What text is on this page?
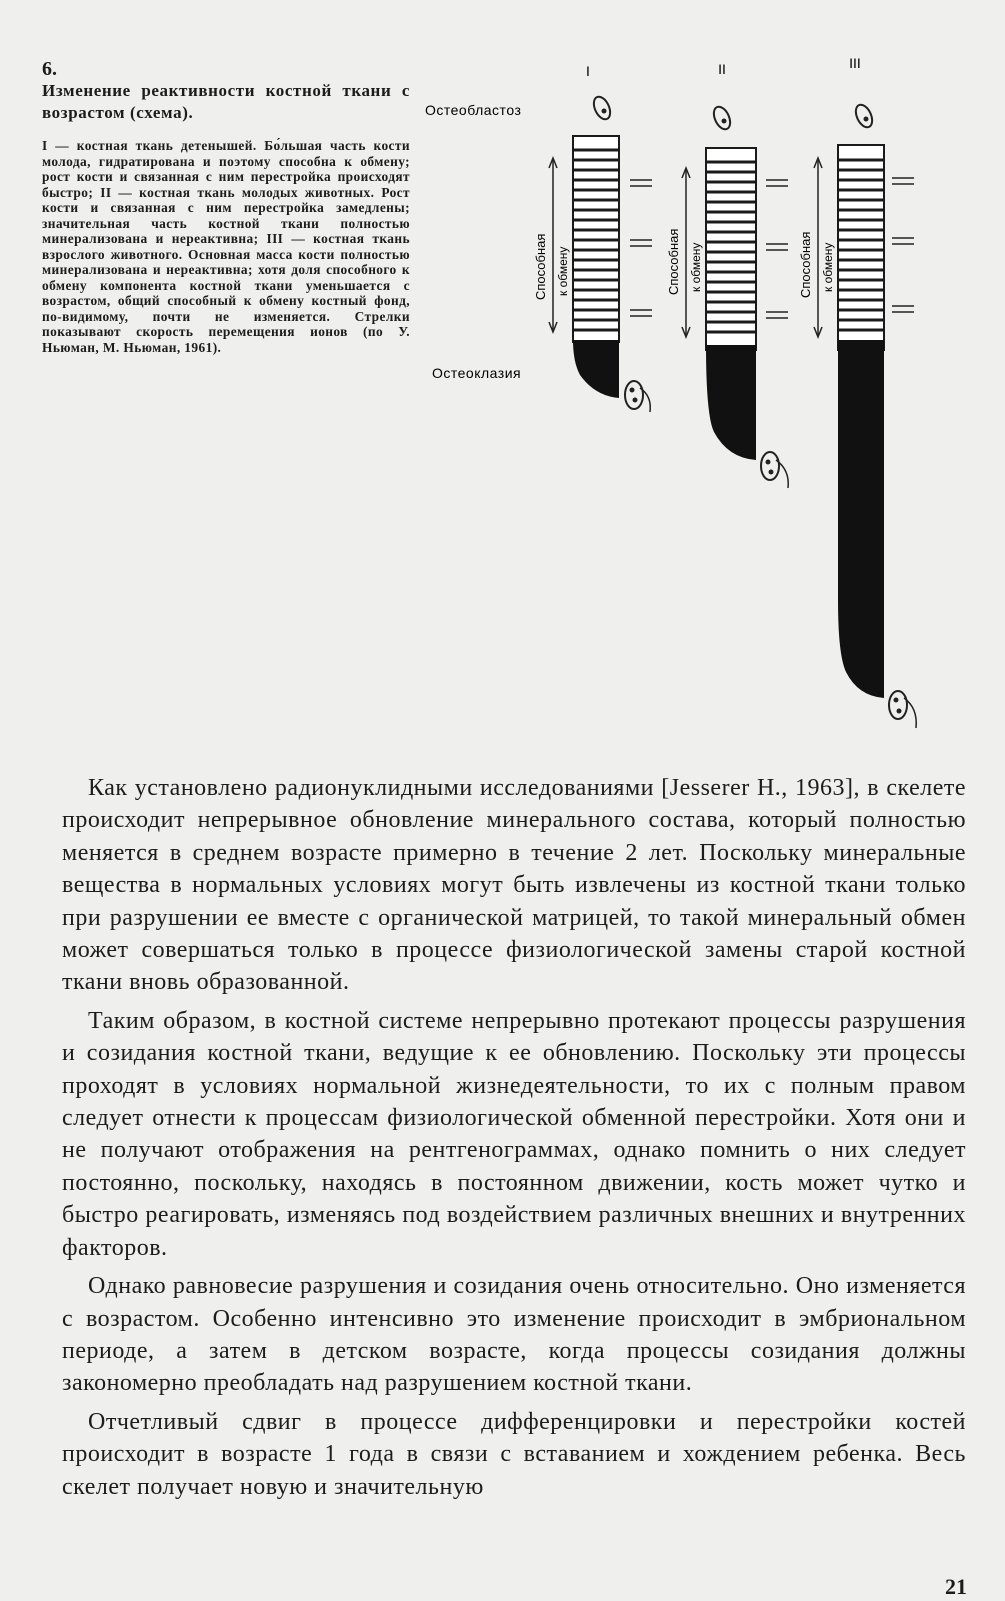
6.
Изменение реактивности костной ткани с возрастом (схема).
I — костная ткань детенышей. Бо́льшая часть кости молода, гидратирована и поэтому способна к обмену; рост кости и связанная с ним перестройка происходят быстро; II — костная ткань молодых животных. Рост кости и связанная с ним перестройка замедлены; значительная часть костной ткани полностью минерализована и нереактивна; III — костная ткань взрослого животного. Основная масса кости полностью минерализована и нереактивна; хотя доля способного к обмену компонента костной ткани уменьшается с возрастом, общий способный к обмену костный фонд, по-видимому, почти не изменяется. Стрелки показывают скорость перемещения ионов (по У. Ньюман, М. Ньюман, 1961).
I	II	III
Остеобластоз
Остеоклазия
Способная к обмену	Способная к обмену	Способная к обмену

Как установлено радионуклидными исследованиями [Jesserer H., 1963], в скелете происходит непрерывное обновление минерального состава, который полностью меняется в среднем возрасте примерно в течение 2 лет. Поскольку минеральные вещества в нормальных условиях могут быть извлечены из костной ткани только при разрушении ее вместе с органической матрицей, то такой минеральный обмен может совершаться только в процессе физиологической замены старой костной ткани вновь образованной.

Таким образом, в костной системе непрерывно протекают процессы разрушения и созидания костной ткани, ведущие к ее обновлению. Поскольку эти процессы проходят в условиях нормальной жизнедеятельности, то их с полным правом следует отнести к процессам физиологической обменной перестройки. Хотя они и не получают отображения на рентгенограммах, однако помнить о них следует постоянно, поскольку, находясь в постоянном движении, кость может чутко и быстро реагировать, изменяясь под воздействием различных внешних и внутренних факторов.

Однако равновесие разрушения и созидания очень относительно. Оно изменяется с возрастом. Особенно интенсивно это изменение происходит в эмбриональном периоде, а затем в детском возрасте, когда процессы созидания должны закономерно преобладать над разрушением костной ткани.

Отчетливый сдвиг в процессе дифференцировки и перестройки костей происходит в возрасте 1 года в связи с вставанием и хождением ребенка. Весь скелет получает новую и значительную

21
